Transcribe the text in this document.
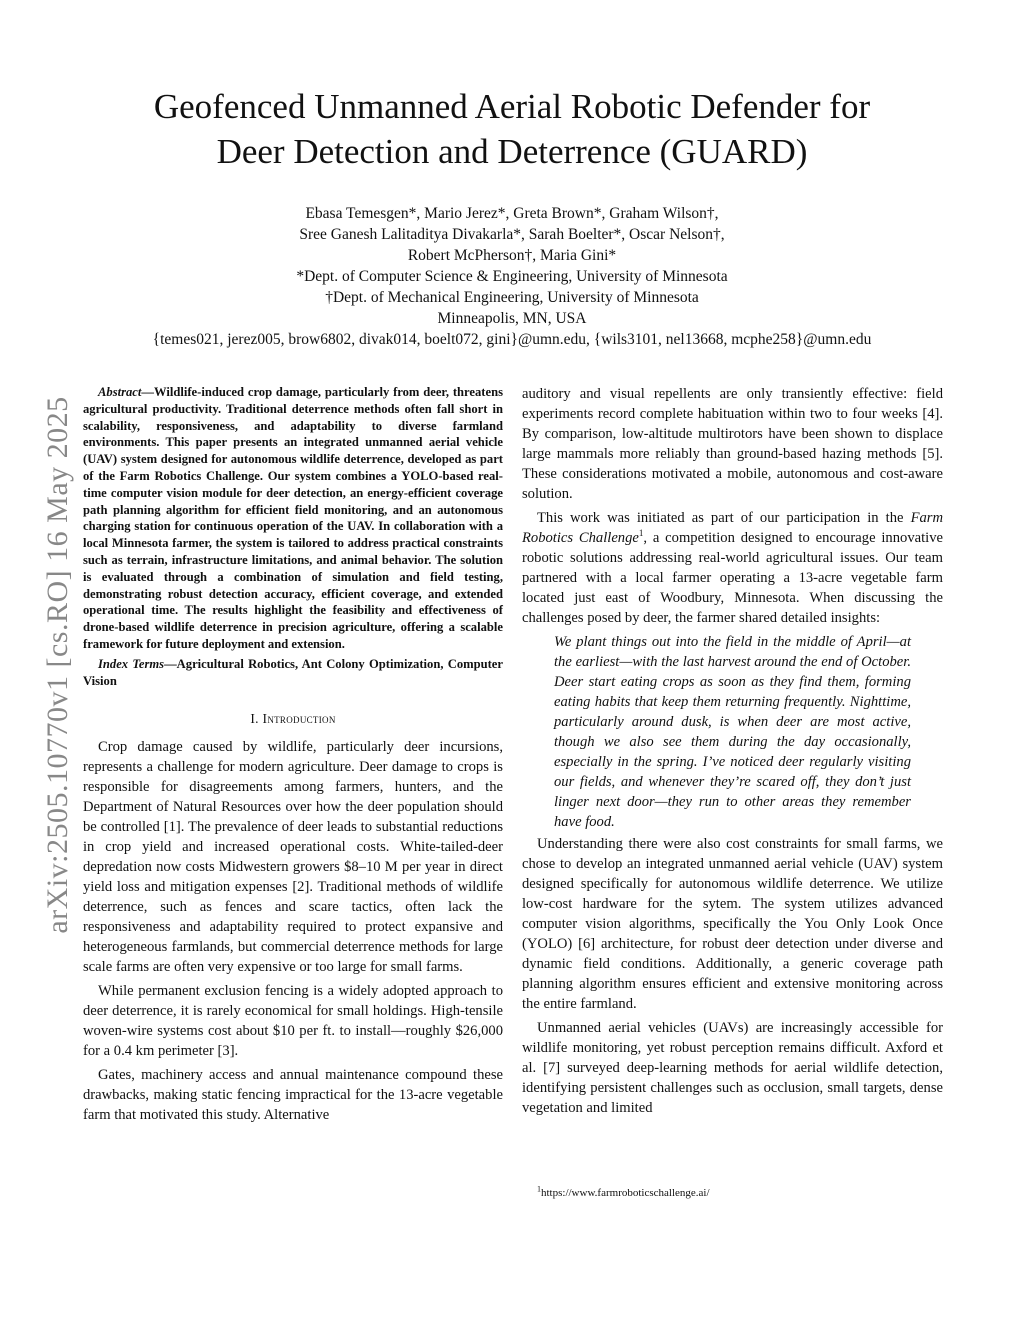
arXiv:2505.10770v1 [cs.RO] 16 May 2025
Geofenced Unmanned Aerial Robotic Defender for
Deer Detection and Deterrence (GUARD)
Ebasa Temesgen*, Mario Jerez*, Greta Brown*, Graham Wilson†,
Sree Ganesh Lalitaditya Divakarla*, Sarah Boelter*, Oscar Nelson†,
Robert McPherson†, Maria Gini*
*Dept. of Computer Science & Engineering, University of Minnesota
†Dept. of Mechanical Engineering, University of Minnesota
Minneapolis, MN, USA
{temes021, jerez005, brow6802, divak014, boelt072, gini}@umn.edu, {wils3101, nel13668, mcphe258}@umn.edu

Abstract—Wildlife-induced crop damage, particularly from deer, threatens agricultural productivity. Traditional deterrence methods often fall short in scalability, responsiveness, and adaptability to diverse farmland environments. This paper presents an integrated unmanned aerial vehicle (UAV) system designed for autonomous wildlife deterrence, developed as part of the Farm Robotics Challenge. Our system combines a YOLO-based real-time computer vision module for deer detection, an energy-efficient coverage path planning algorithm for efficient field monitoring, and an autonomous charging station for continuous operation of the UAV. In collaboration with a local Minnesota farmer, the system is tailored to address practical constraints such as terrain, infrastructure limitations, and animal behavior. The solution is evaluated through a combination of simulation and field testing, demonstrating robust detection accuracy, efficient coverage, and extended operational time. The results highlight the feasibility and effectiveness of drone-based wildlife deterrence in precision agriculture, offering a scalable framework for future deployment and extension.

Index Terms—Agricultural Robotics, Ant Colony Optimization, Computer Vision

I. Introduction

Crop damage caused by wildlife, particularly deer incursions, represents a challenge for modern agriculture. Deer damage to crops is responsible for disagreements among farmers, hunters, and the Department of Natural Resources over how the deer population should be controlled [1]. The prevalence of deer leads to substantial reductions in crop yield and increased operational costs. White-tailed-deer depredation now costs Midwestern growers $8–10 M per year in direct yield loss and mitigation expenses [2]. Traditional methods of wildlife deterrence, such as fences and scare tactics, often lack the responsiveness and adaptability required to protect expansive and heterogeneous farmlands, but commercial deterrence methods for large scale farms are often very expensive or too large for small farms.

While permanent exclusion fencing is a widely adopted approach to deer deterrence, it is rarely economical for small holdings. High-tensile woven-wire systems cost about $10 per ft. to install—roughly $26,000 for a 0.4 km perimeter [3].

Gates, machinery access and annual maintenance compound these drawbacks, making static fencing impractical for the 13-acre vegetable farm that motivated this study. Alternative

auditory and visual repellents are only transiently effective: field experiments record complete habituation within two to four weeks [4]. By comparison, low-altitude multirotors have been shown to displace large mammals more reliably than ground-based hazing methods [5]. These considerations motivated a mobile, autonomous and cost-aware solution.

This work was initiated as part of our participation in the Farm Robotics Challenge$^1$, a competition designed to encourage innovative robotic solutions addressing real-world agricultural issues. Our team partnered with a local farmer operating a 13-acre vegetable farm located just east of Woodbury, Minnesota. When discussing the challenges posed by deer, the farmer shared detailed insights:

We plant things out into the field in the middle of April—at the earliest—with the last harvest around the end of October. Deer start eating crops as soon as they find them, forming eating habits that keep them returning frequently. Nighttime, particularly around dusk, is when deer are most active, though we also see them during the day occasionally, especially in the spring. I’ve noticed deer regularly visiting our fields, and whenever they’re scared off, they don’t just linger next door—they run to other areas they remember have food.

Understanding there were also cost constraints for small farms, we chose to develop an integrated unmanned aerial vehicle (UAV) system designed specifically for autonomous wildlife deterrence. We utilize low-cost hardware for the sytem. The system utilizes advanced computer vision algorithms, specifically the You Only Look Once (YOLO) [6] architecture, for robust deer detection under diverse and dynamic field conditions. Additionally, a generic coverage path planning algorithm ensures efficient and extensive monitoring across the entire farmland.

Unmanned aerial vehicles (UAVs) are increasingly accessible for wildlife monitoring, yet robust perception remains difficult. Axford et al. [7] surveyed deep-learning methods for aerial wildlife detection, identifying persistent challenges such as occlusion, small targets, dense vegetation and limited

$^1$https://www.farmroboticschallenge.ai/
